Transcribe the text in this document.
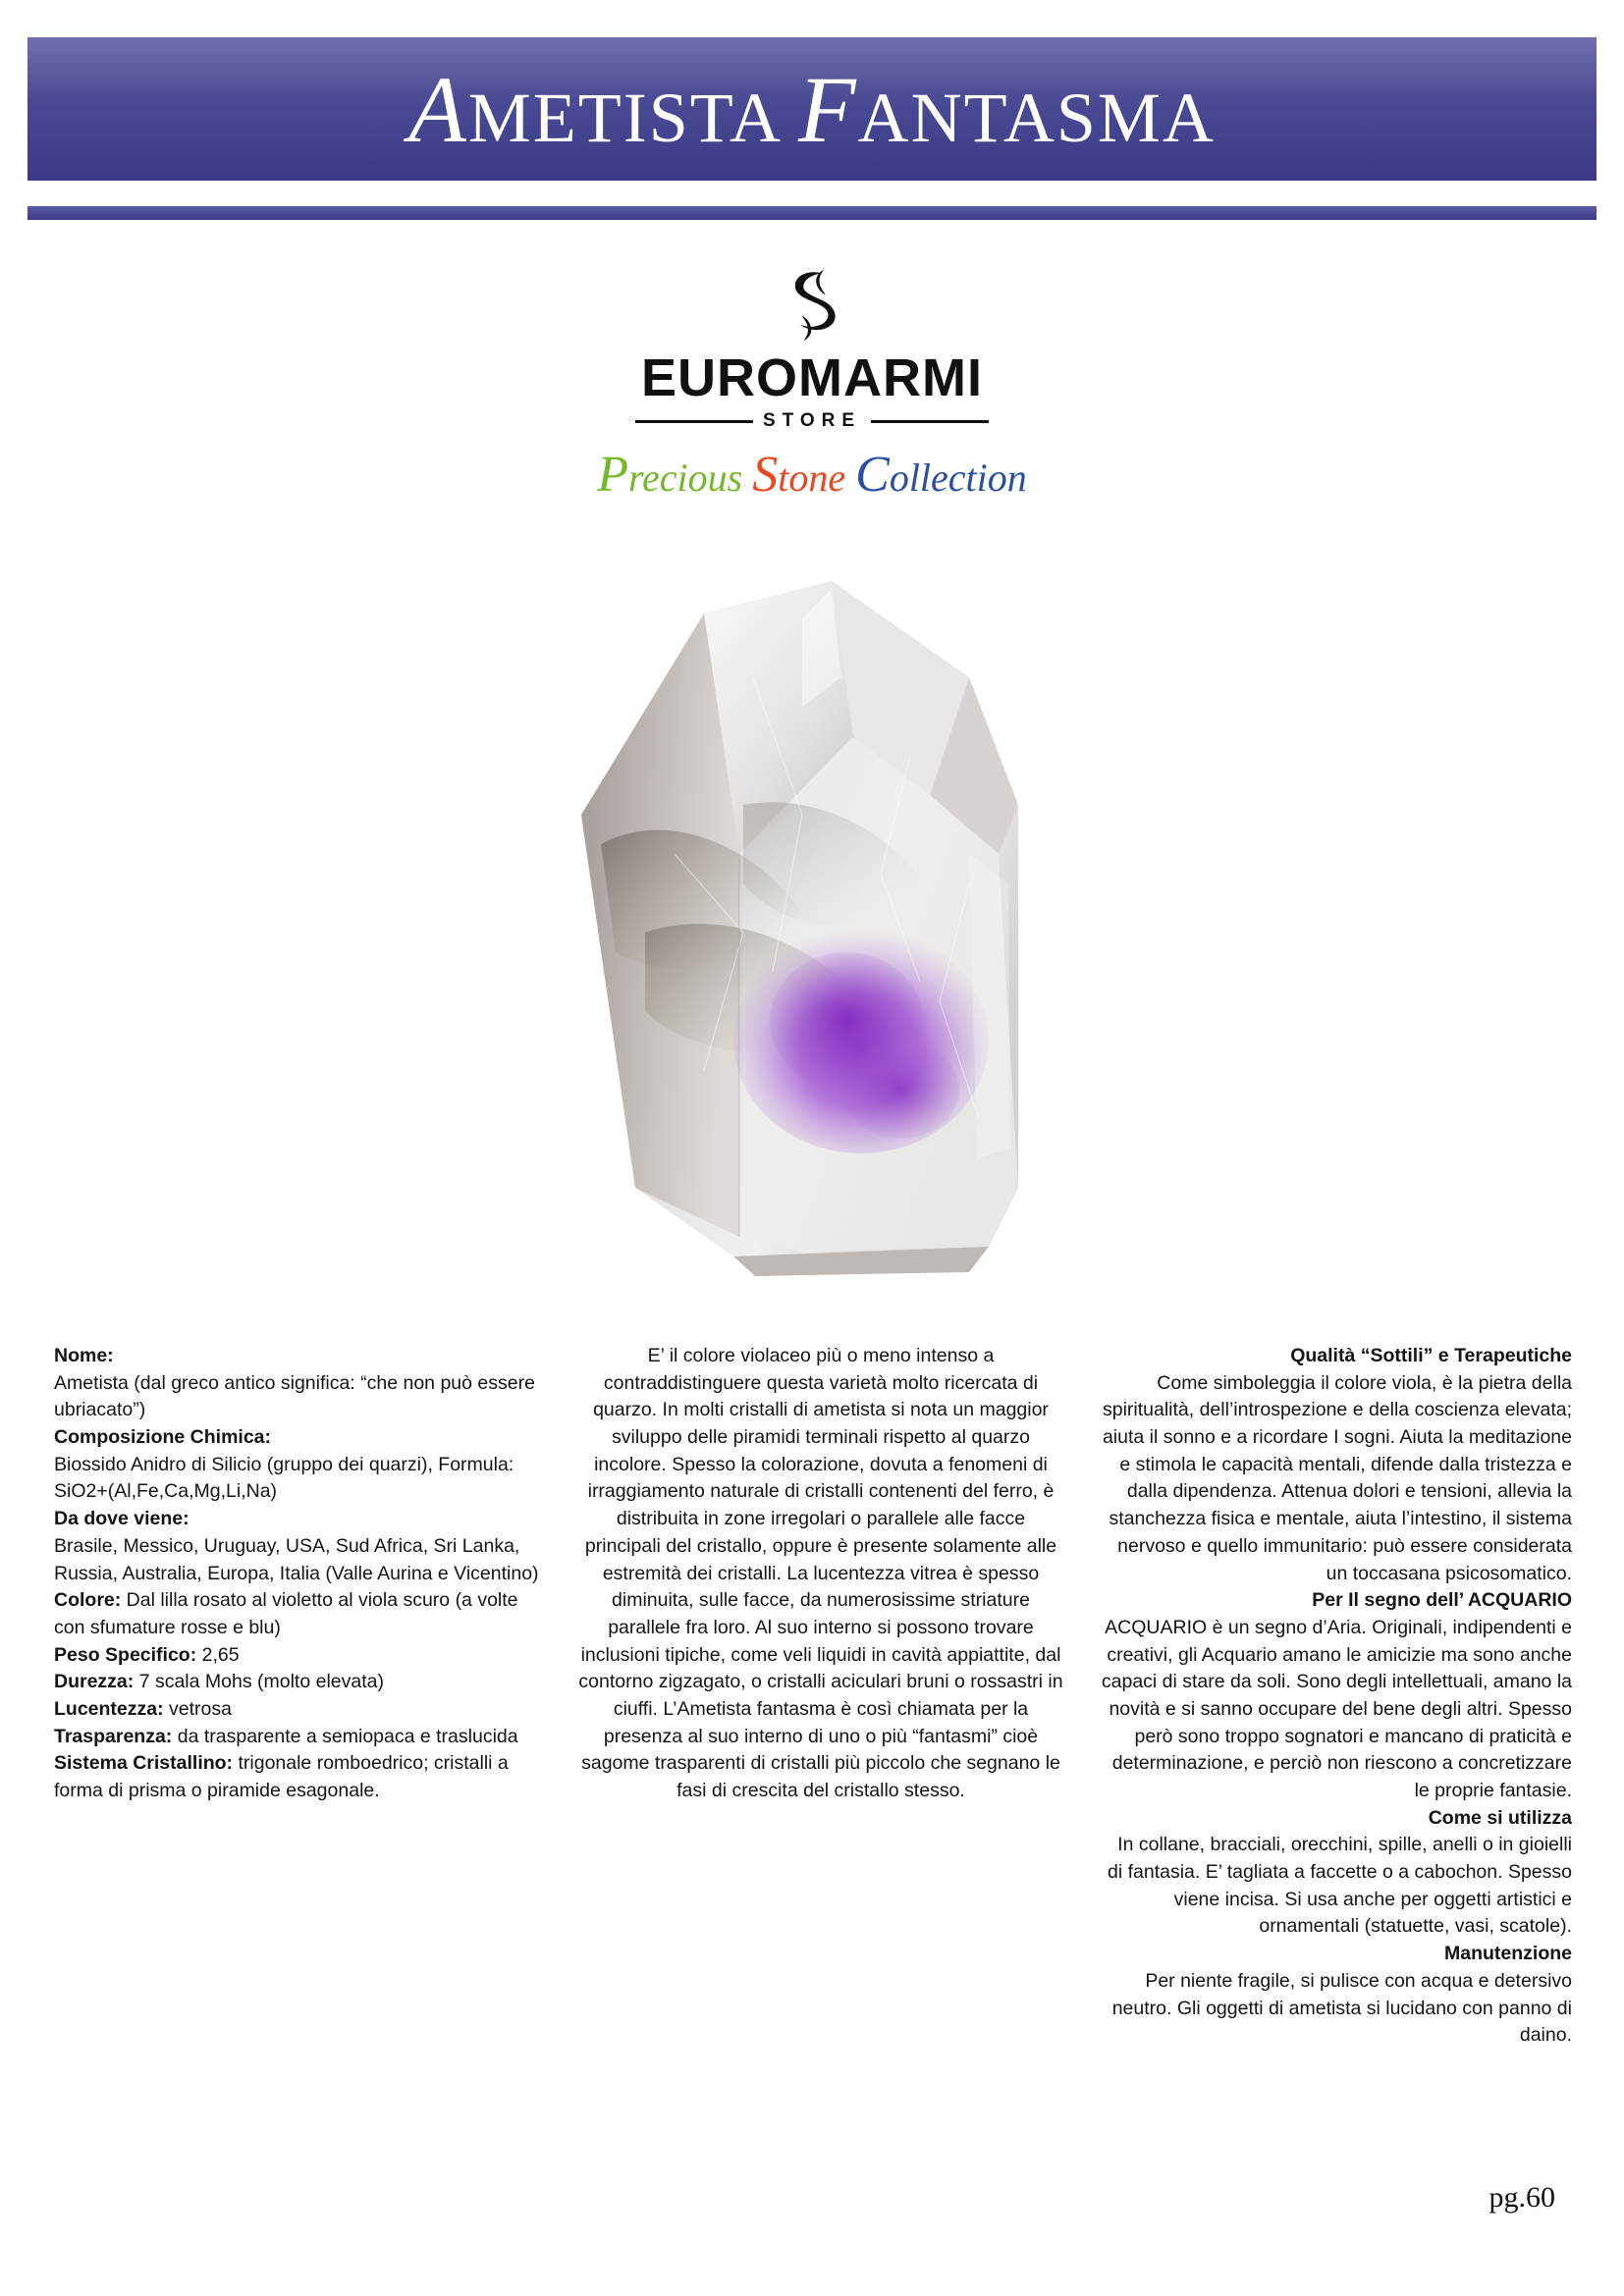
AMETISTA FANTASMA
EUROMARMI
STORE
Precious Stone Collection

Nome:
Ametista (dal greco antico significa: “che non può essere ubriacato”)

Composizione Chimica:
Biossido Anidro di Silicio (gruppo dei quarzi), Formula: SiO2+(Al,Fe,Ca,Mg,Li,Na)

Da dove viene:
Brasile, Messico, Uruguay, USA, Sud Africa, Sri Lanka, Russia, Australia, Europa, Italia (Valle Aurina e Vicentino)

Colore: Dal lilla rosato al violetto al viola scuro (a volte con sfumature rosse e blu)

Peso Specifico: 2,65

Durezza: 7 scala Mohs (molto elevata)

Lucentezza: vetrosa

Trasparenza: da trasparente a semiopaca e traslucida

Sistema Cristallino: trigonale romboedrico; cristalli a forma di prisma o piramide esagonale.

E’ il colore violaceo più o meno intenso a contraddistinguere questa varietà molto ricercata di quarzo. In molti cristalli di ametista si nota un maggior sviluppo delle piramidi terminali rispetto al quarzo incolore. Spesso la colorazione, dovuta a fenomeni di irraggiamento naturale di cristalli contenenti del ferro, è distribuita in zone irregolari o parallele alle facce principali del cristallo, oppure è presente solamente alle estremità dei cristalli. La lucentezza vitrea è spesso diminuita, sulle facce, da numerosissime striature parallele fra loro. Al suo interno si possono trovare inclusioni tipiche, come veli liquidi in cavità appiattite, dal contorno zigzagato, o cristalli aciculari bruni o rossastri in ciuffi. L’Ametista fantasma è così chiamata per la presenza al suo interno di uno o più “fantasmi” cioè sagome trasparenti di cristalli più piccolo che segnano le fasi di crescita del cristallo stesso.

Qualità “Sottili” e Terapeutiche
Come simboleggia il colore viola, è la pietra della spiritualità, dell’introspezione e della coscienza elevata; aiuta il sonno e a ricordare I sogni. Aiuta la meditazione e stimola le capacità mentali, difende dalla tristezza e dalla dipendenza. Attenua dolori e tensioni, allevia la stanchezza fisica e mentale, aiuta l’intestino, il sistema nervoso e quello immunitario: può essere considerata un toccasana psicosomatico.

Per Il segno dell’ ACQUARIO
ACQUARIO è un segno d’Aria. Originali, indipendenti e creativi, gli Acquario amano le amicizie ma sono anche capaci di stare da soli. Sono degli intellettuali, amano la novità e si sanno occupare del bene degli altri. Spesso però sono troppo sognatori e mancano di praticità e determinazione, e perciò non riescono a concretizzare le proprie fantasie.

Come si utilizza
In collane, bracciali, orecchini, spille, anelli o in gioielli di fantasia. E’ tagliata a faccette o a cabochon. Spesso viene incisa. Si usa anche per oggetti artistici e ornamentali (statuette, vasi, scatole).

Manutenzione
Per niente fragile, si pulisce con acqua e detersivo neutro. Gli oggetti di ametista si lucidano con panno di daino.

pg.60
